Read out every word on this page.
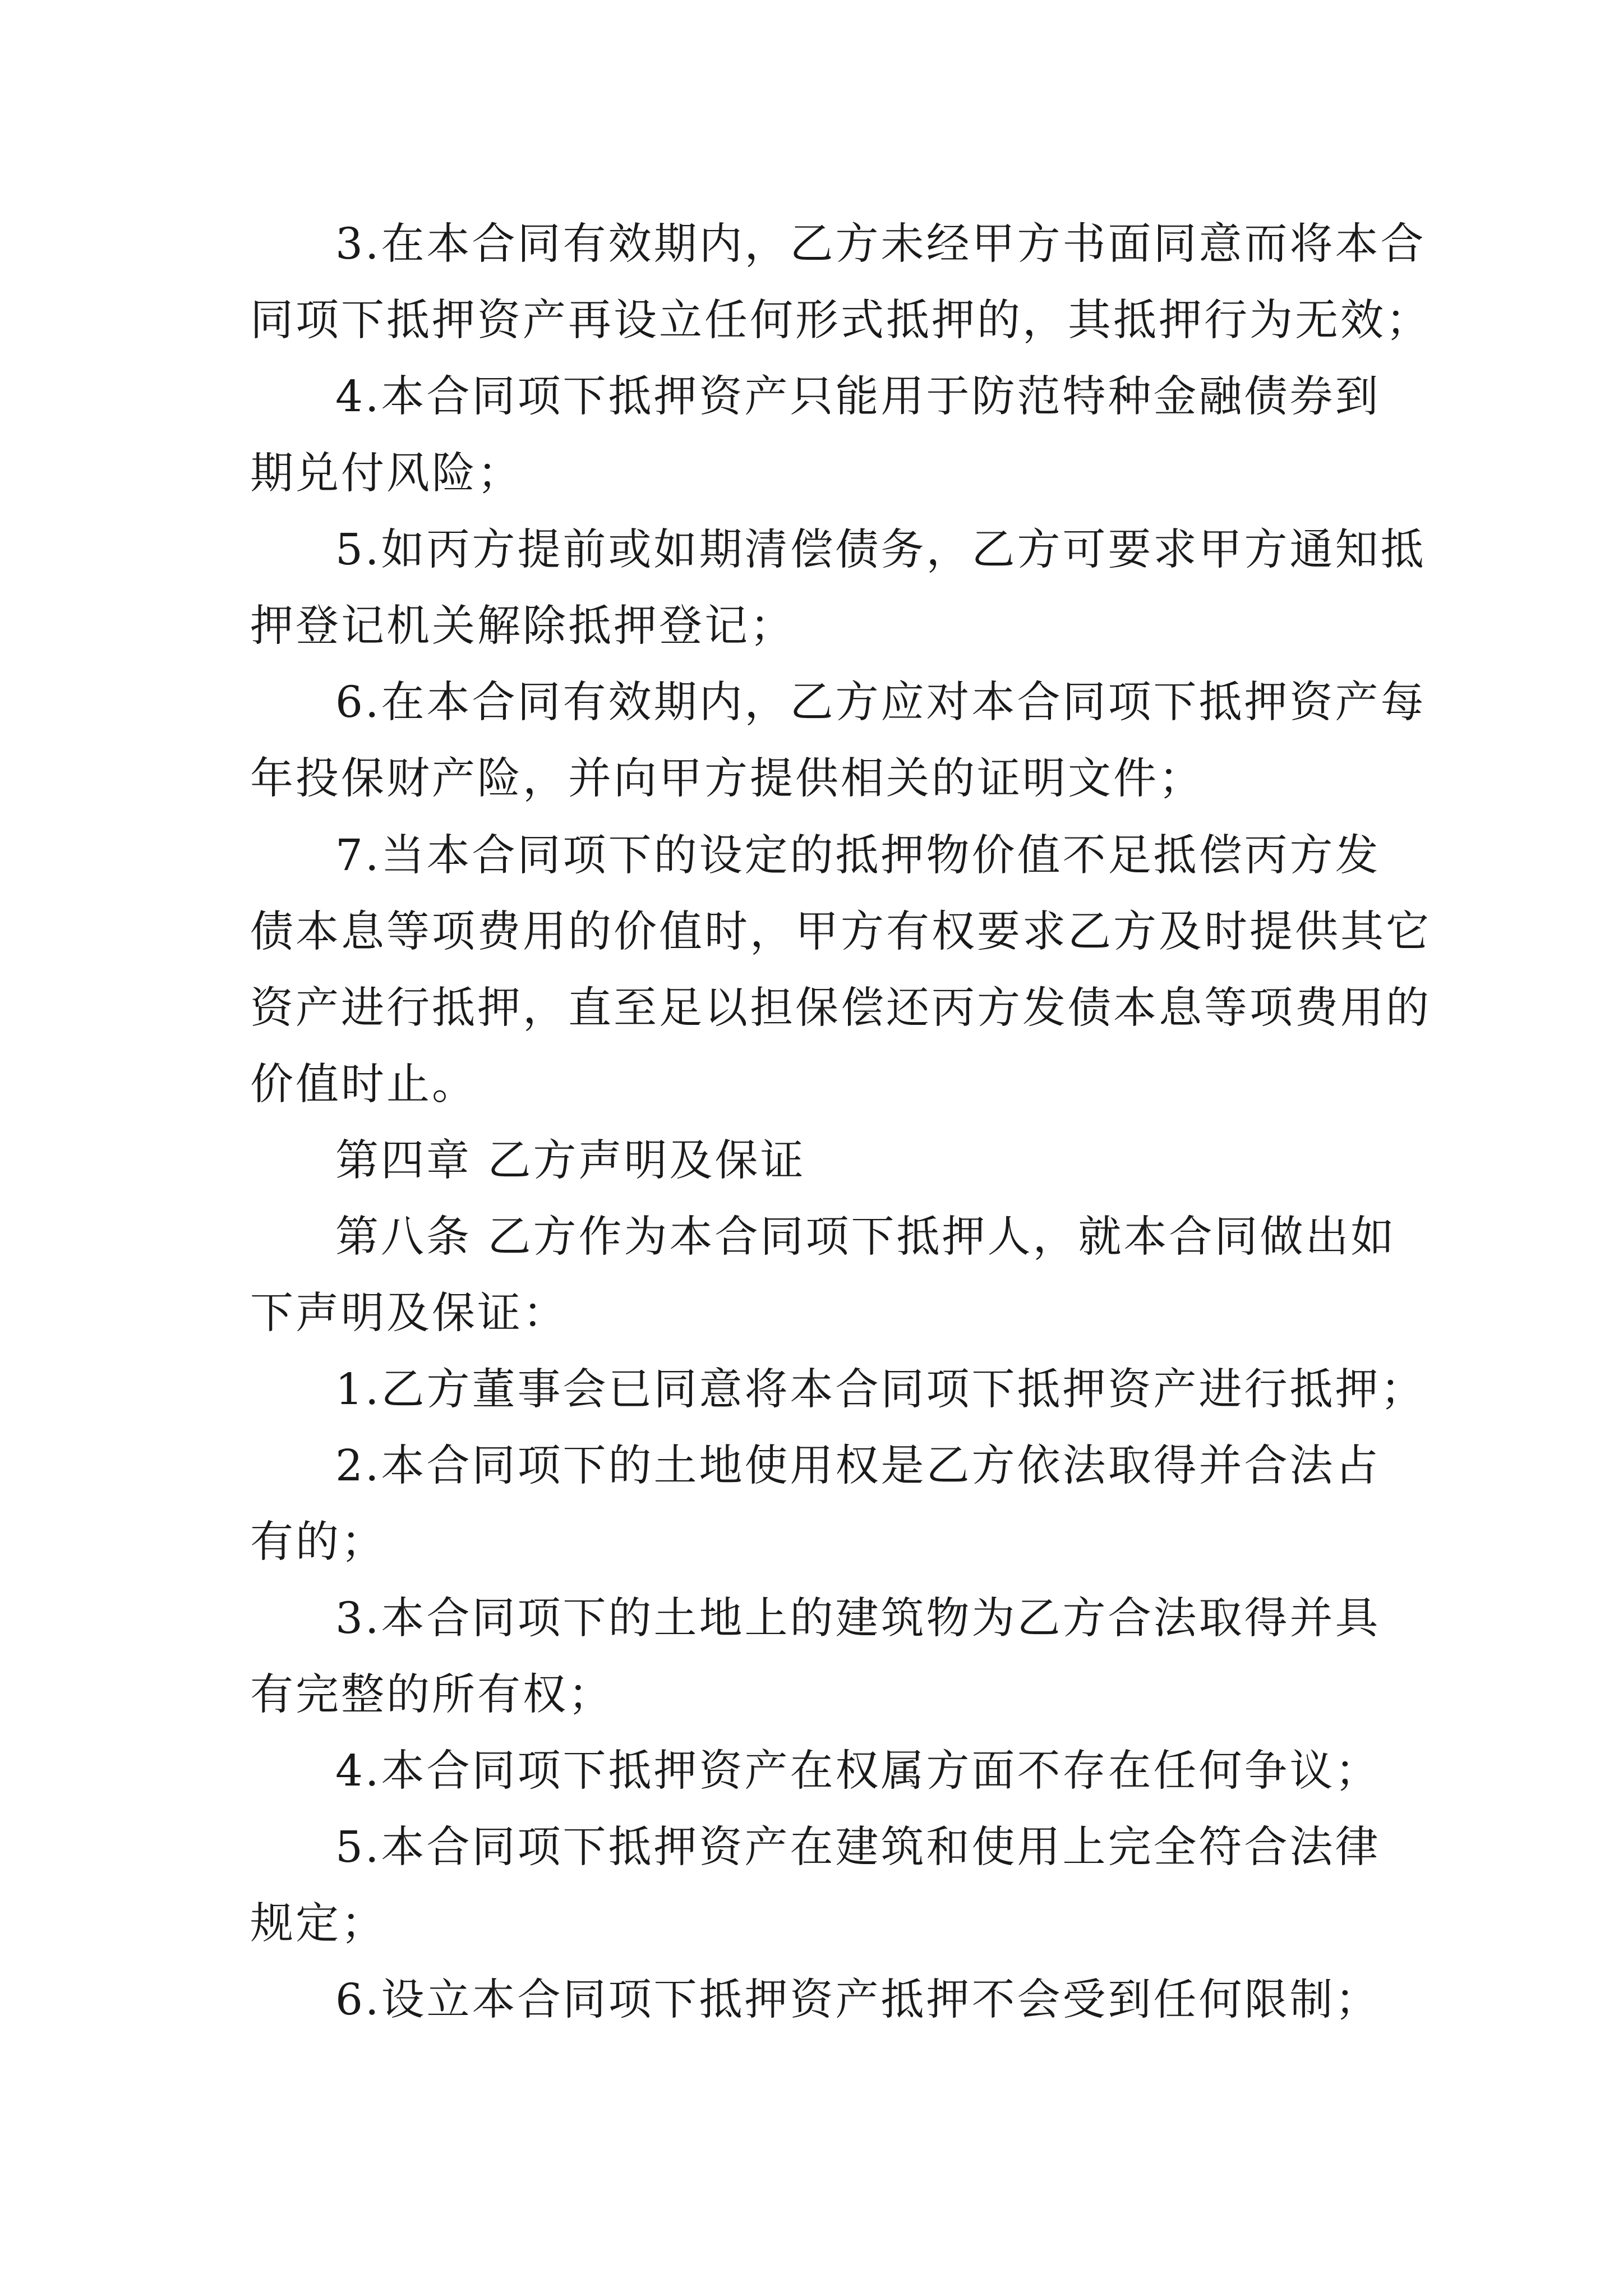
3.在本合同有效期内，乙方未经甲方书面同意而将本合
同项下抵押资产再设立任何形式抵押的，其抵押行为无效；
4.本合同项下抵押资产只能用于防范特种金融债券到
期兑付风险；
5.如丙方提前或如期清偿债务，乙方可要求甲方通知抵
押登记机关解除抵押登记；
6.在本合同有效期内，乙方应对本合同项下抵押资产每
年投保财产险，并向甲方提供相关的证明文件；
7.当本合同项下的设定的抵押物价值不足抵偿丙方发
债本息等项费用的价值时，甲方有权要求乙方及时提供其它
资产进行抵押，直至足以担保偿还丙方发债本息等项费用的
价值时止。
第四章 乙方声明及保证
第八条 乙方作为本合同项下抵押人，就本合同做出如
下声明及保证：
1.乙方董事会已同意将本合同项下抵押资产进行抵押；
2.本合同项下的土地使用权是乙方依法取得并合法占
有的；
3.本合同项下的土地上的建筑物为乙方合法取得并具
有完整的所有权；
4.本合同项下抵押资产在权属方面不存在任何争议；
5.本合同项下抵押资产在建筑和使用上完全符合法律
规定；
6.设立本合同项下抵押资产抵押不会受到任何限制；
